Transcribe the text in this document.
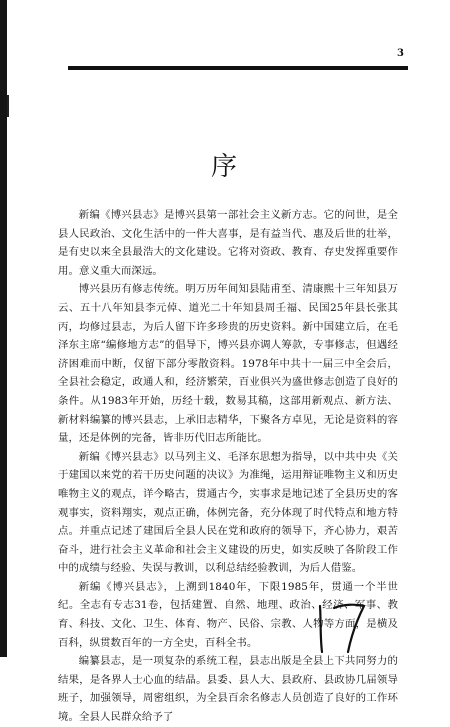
3
序

新编《博兴县志》是博兴县第一部社会主义新方志。它的问世，是全县人民政治、文化生活中的一件大喜事，是有益当代、惠及后世的壮举，是有史以来全县最浩大的文化建设。它将对资政、教育、存史发挥重要作用。意义重大而深远。

博兴县历有修志传统。明万历年间知县陆甫至、清康熙十三年知县万云、五十八年知县李元倬、道光二十年知县周壬福、民国25年县长张其丙，均修过县志，为后人留下许多珍贵的历史资料。新中国建立后，在毛泽东主席“编修地方志”的倡导下，博兴县亦调人筹款，专事修志，但遇经济困难而中断，仅留下部分零散资料。1978年中共十一届三中全会后，全县社会稳定，政通人和，经济繁荣，百业俱兴为盛世修志创造了良好的条件。从1983年开始，历经十载，数易其稿，这部用新观点、新方法、新材料编纂的博兴县志，上承旧志精华，下聚各方卓见，无论是资料的容量，还是体例的完备，皆非历代旧志所能比。

新编《博兴县志》以马列主义、毛泽东思想为指导，以中共中央《关于建国以来党的若干历史问题的决议》为准绳，运用辩证唯物主义和历史唯物主义的观点，详今略古，贯通古今，实事求是地记述了全县历史的客观事实，资料翔实，观点正确，体例完备，充分体现了时代特点和地方特点。并重点记述了建国后全县人民在党和政府的领导下，齐心协力，艰苦奋斗，进行社会主义革命和社会主义建设的历史，如实反映了各阶段工作中的成绩与经验、失误与教训，以利总结经验教训，为后人借鉴。

新编《博兴县志》，上溯到1840年，下限1985年，贯通一个半世纪。全志有专志31卷，包括建置、自然、地理、政治、经济、军事、教育、科技、文化、卫生、体育、物产、民俗、宗教、人物等方面，是横及百科，纵贯数百年的一方全史，百科全书。

编纂县志，是一项复杂的系统工程，县志出版是全县上下共同努力的结果，是各界人士心血的结晶。县委、县人大、县政府、县政协几届领导班子，加强领导，周密组织，为全县百余名修志人员创造了良好的工作环境。全县人民群众给予了
